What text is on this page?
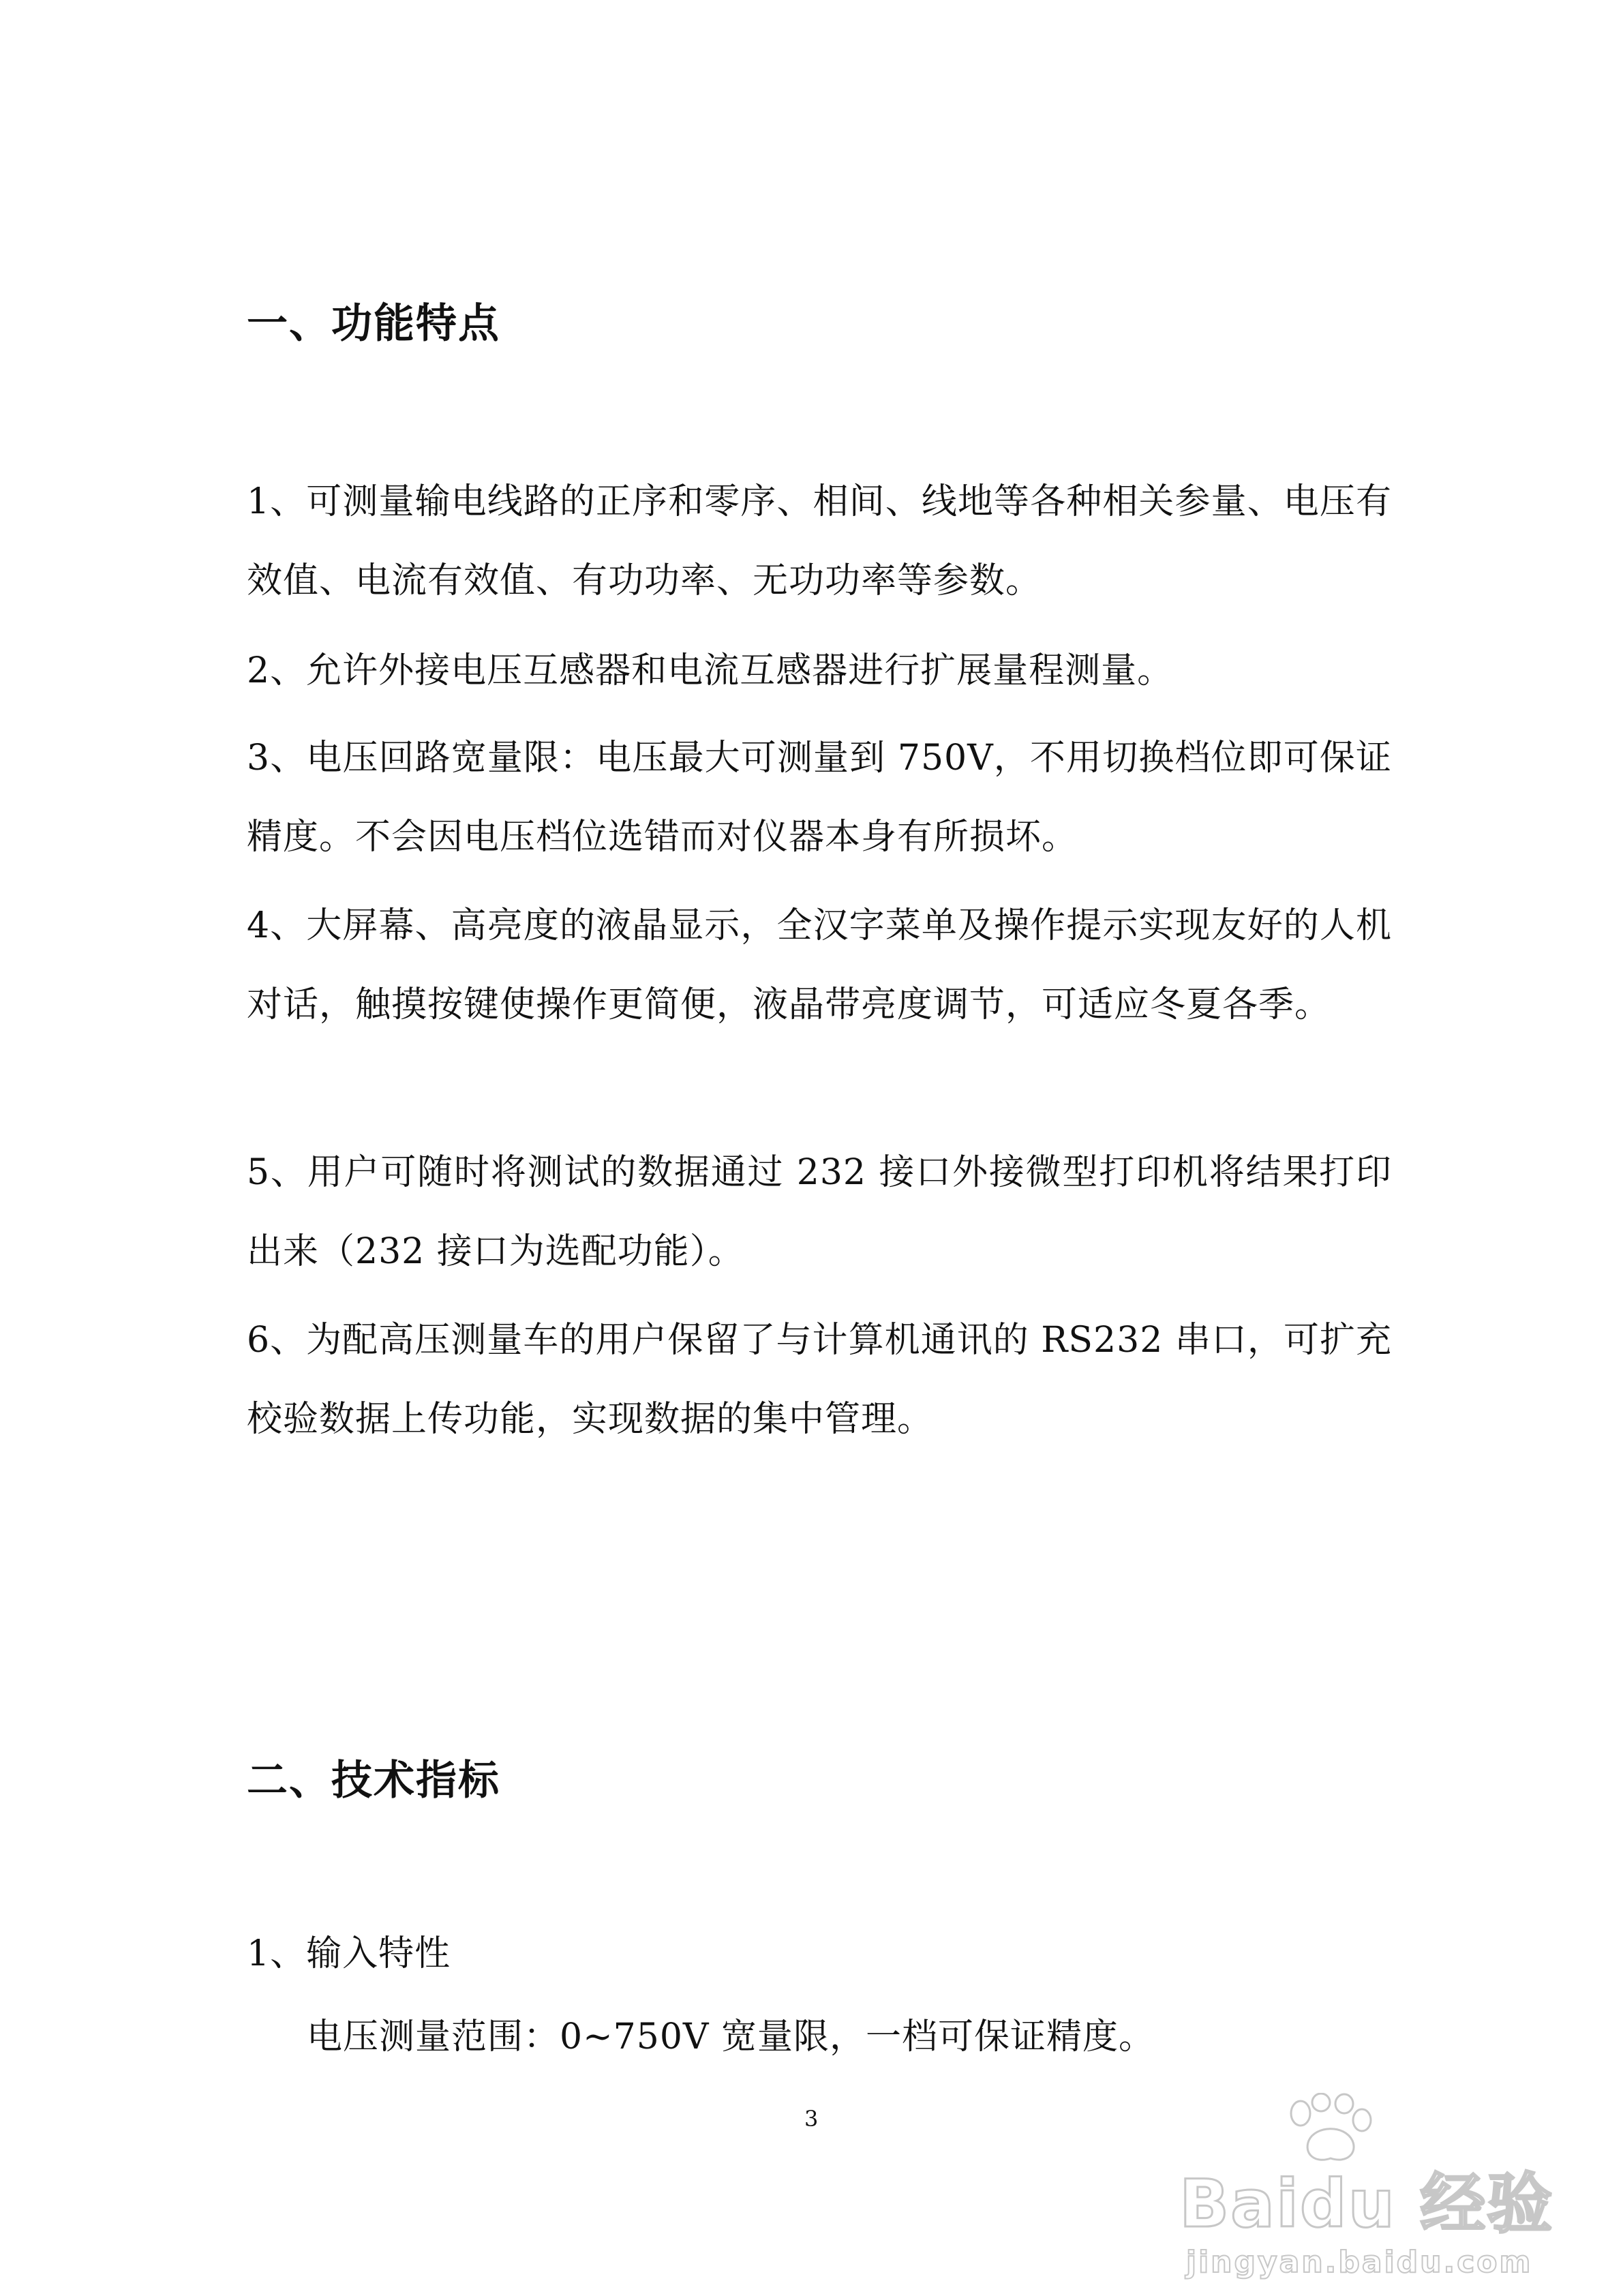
一、功能特点
1、可测量输电线路的正序和零序、相间、线地等各种相关参量、电压有效值、电流有效值、有功功率、无功功率等参数。
2、允许外接电压互感器和电流互感器进行扩展量程测量。
3、电压回路宽量限：电压最大可测量到 750V，不用切换档位即可保证精度。不会因电压档位选错而对仪器本身有所损坏。
4、大屏幕、高亮度的液晶显示，全汉字菜单及操作提示实现友好的人机对话，触摸按键使操作更简便，液晶带亮度调节，可适应冬夏各季。
5、用户可随时将测试的数据通过 232 接口外接微型打印机将结果打印出来（232 接口为选配功能）。
6、为配高压测量车的用户保留了与计算机通讯的 RS232 串口，可扩充校验数据上传功能，实现数据的集中管理。
二、技术指标
1、输入特性
电压测量范围：0~750V 宽量限，一档可保证精度。
3
Baidu 经验
jingyan.baidu.com
